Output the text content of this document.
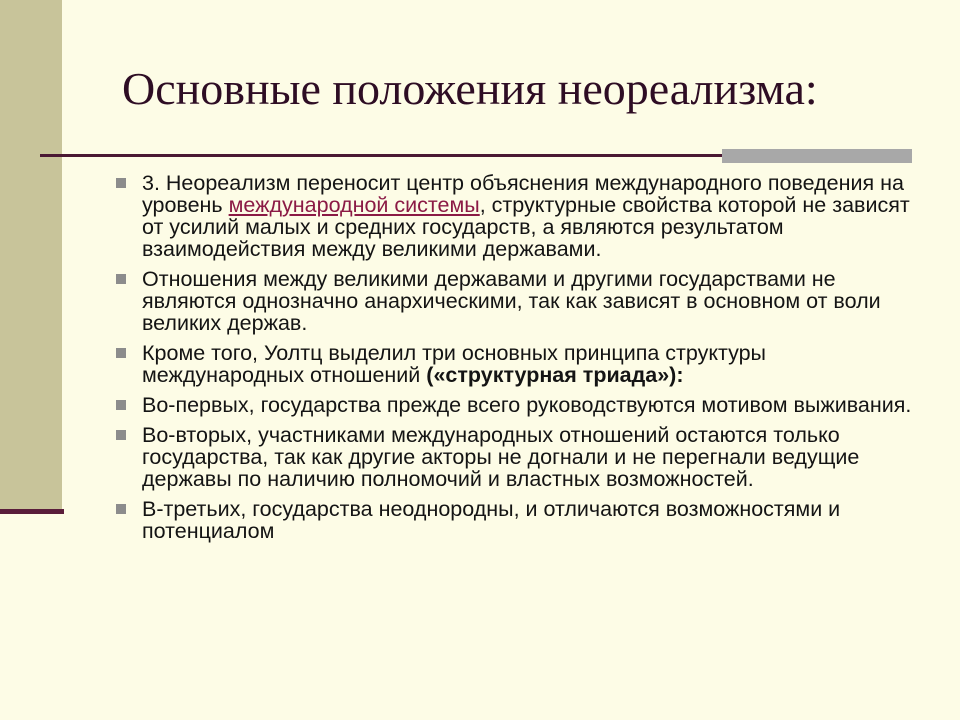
Основные положения неореализма:
3. Неореализм переносит центр объяснения международного поведения на уровень международной системы, структурные свойства которой не зависят от усилий малых и средних государств, а являются результатом взаимодействия между великими державами.
Отношения между великими державами и другими государствами не являются однозначно анархическими, так как зависят в основном от воли великих держав.
Кроме того, Уолтц выделил три основных принципа структуры международных отношений («структурная триада»):
Во-первых, государства прежде всего руководствуются мотивом выживания.
Во-вторых, участниками международных отношений остаются только государства, так как другие акторы не догнали и не перегнали ведущие державы по наличию полномочий и властных возможностей.
В-третьих, государства неоднородны, и отличаются возможностями и потенциалом
